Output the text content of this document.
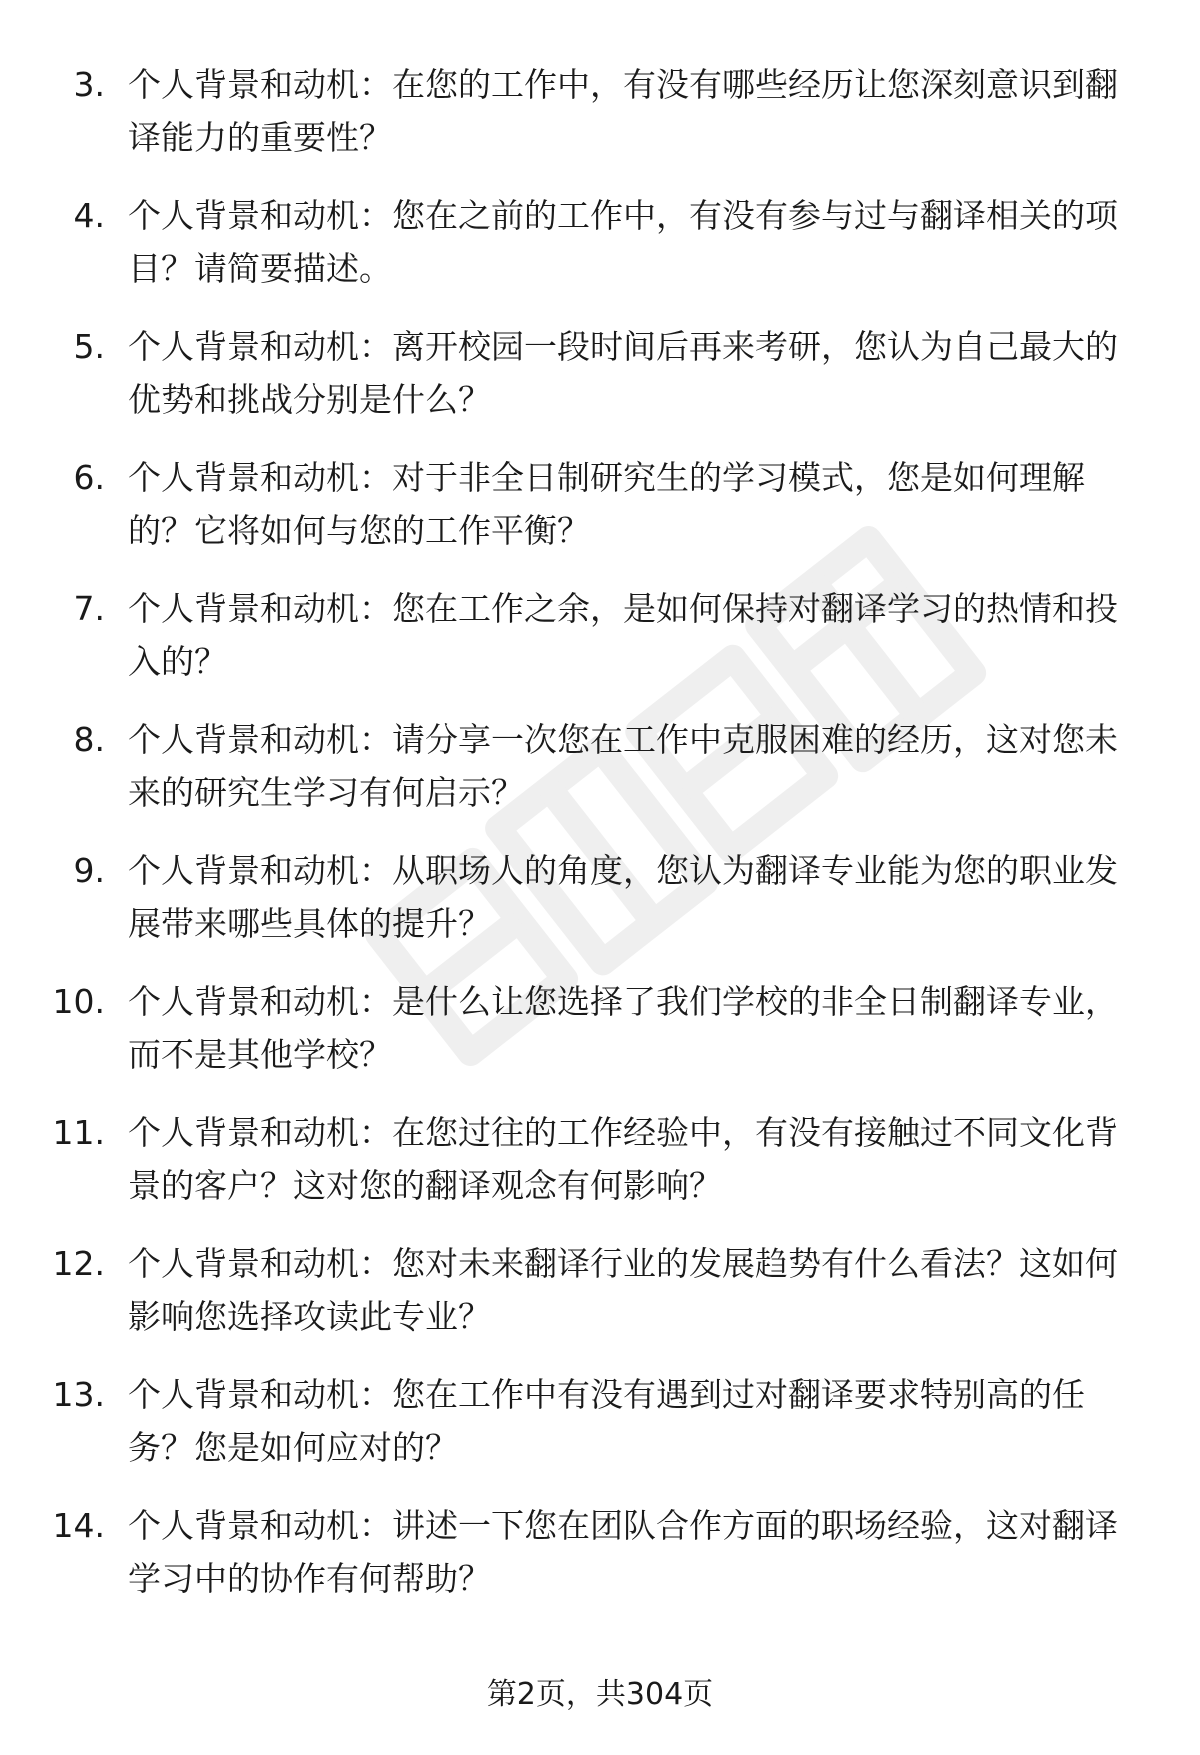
3. 个人背景和动机：在您的工作中，有没有哪些经历让您深刻意识到翻译能力的重要性？
4. 个人背景和动机：您在之前的工作中，有没有参与过与翻译相关的项目？请简要描述。
5. 个人背景和动机：离开校园一段时间后再来考研，您认为自己最大的优势和挑战分别是什么？
6. 个人背景和动机：对于非全日制研究生的学习模式，您是如何理解的？它将如何与您的工作平衡？
7. 个人背景和动机：您在工作之余，是如何保持对翻译学习的热情和投入的？
8. 个人背景和动机：请分享一次您在工作中克服困难的经历，这对您未来的研究生学习有何启示？
9. 个人背景和动机：从职场人的角度，您认为翻译专业能为您的职业发展带来哪些具体的提升？
10. 个人背景和动机：是什么让您选择了我们学校的非全日制翻译专业，而不是其他学校？
11. 个人背景和动机：在您过往的工作经验中，有没有接触过不同文化背景的客户？这对您的翻译观念有何影响？
12. 个人背景和动机：您对未来翻译行业的发展趋势有什么看法？这如何影响您选择攻读此专业？
13. 个人背景和动机：您在工作中有没有遇到过对翻译要求特别高的任务？您是如何应对的？
14. 个人背景和动机：讲述一下您在团队合作方面的职场经验，这对翻译学习中的协作有何帮助？
第2页，共304页
